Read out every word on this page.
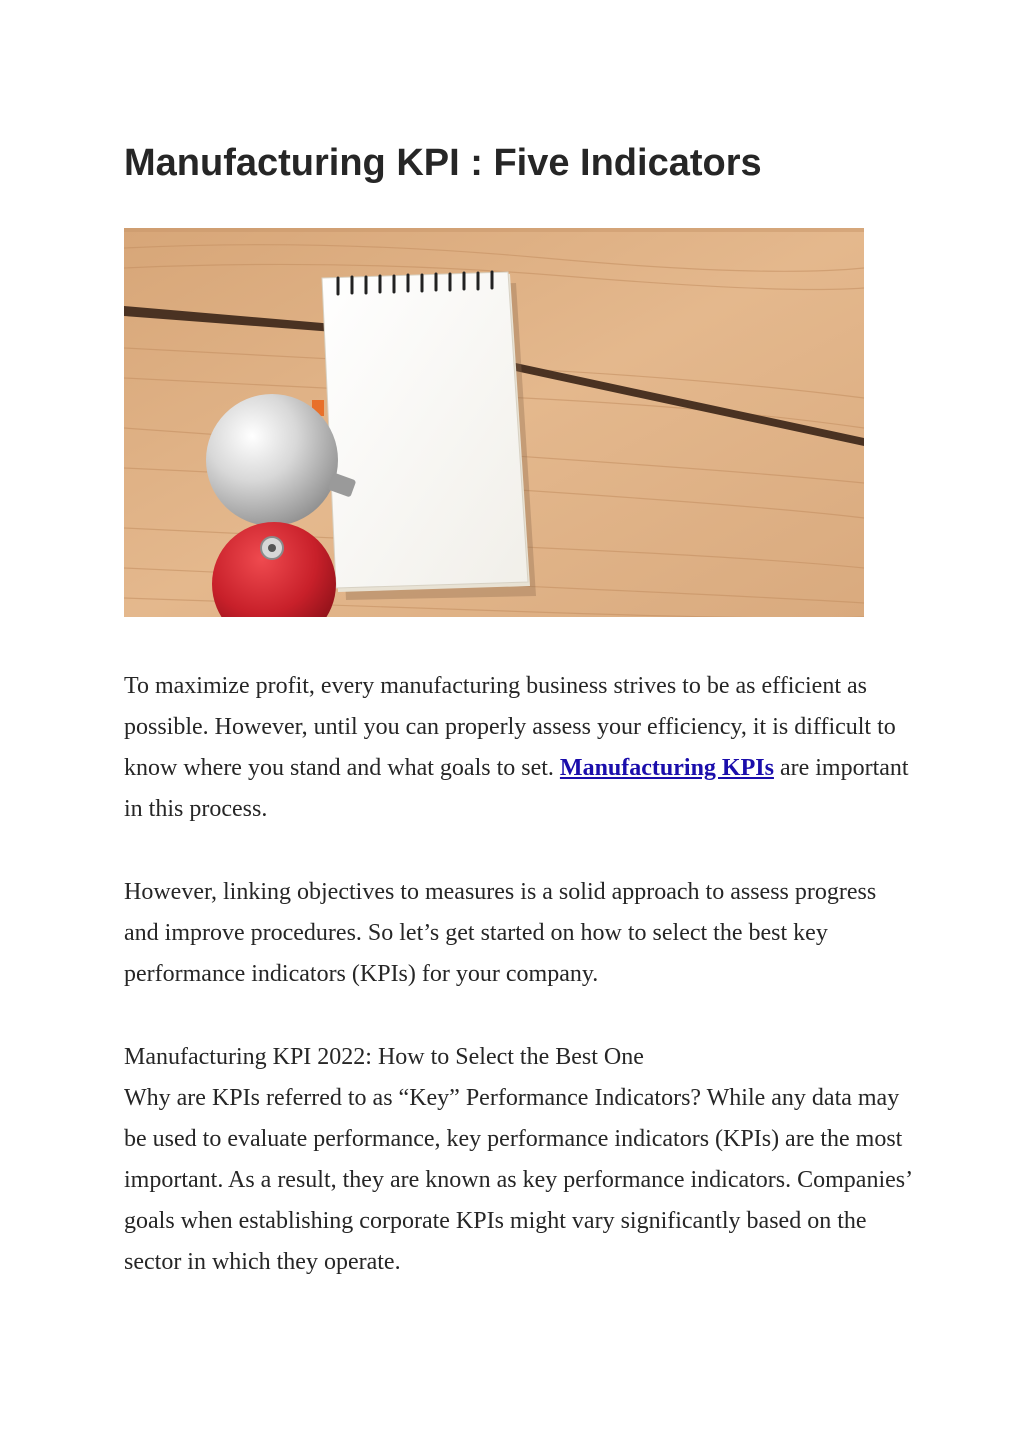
Manufacturing KPI : Five Indicators

To maximize profit, every manufacturing business strives to be as efficient as possible. However, until you can properly assess your efficiency, it is difficult to know where you stand and what goals to set. Manufacturing KPIs are important in this process.

However, linking objectives to measures is a solid approach to assess progress and improve procedures. So let’s get started on how to select the best key performance indicators (KPIs) for your company.

Manufacturing KPI 2022: How to Select the Best One

Why are KPIs referred to as “Key” Performance Indicators? While any data may be used to evaluate performance, key performance indicators (KPIs) are the most important. As a result, they are known as key performance indicators. Companies’ goals when establishing corporate KPIs might vary significantly based on the sector in which they operate.
